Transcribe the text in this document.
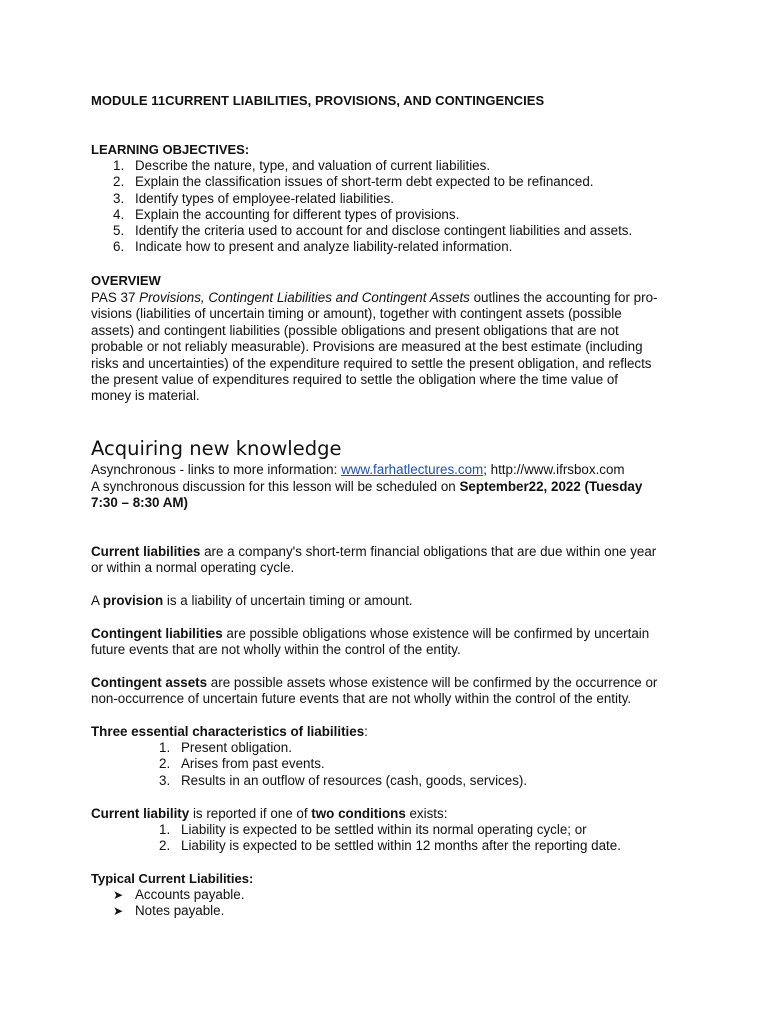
MODULE 11CURRENT LIABILITIES, PROVISIONS, AND CONTINGENCIES
LEARNING OBJECTIVES:
1. Describe the nature, type, and valuation of current liabilities.
2. Explain the classification issues of short-term debt expected to be refinanced.
3. Identify types of employee-related liabilities.
4. Explain the accounting for different types of provisions.
5. Identify the criteria used to account for and disclose contingent liabilities and assets.
6. Indicate how to present and analyze liability-related information.
OVERVIEW
PAS 37 Provisions, Contingent Liabilities and Contingent Assets outlines the accounting for pro-
visions (liabilities of uncertain timing or amount), together with contingent assets (possible
assets) and contingent liabilities (possible obligations and present obligations that are not
probable or not reliably measurable). Provisions are measured at the best estimate (including
risks and uncertainties) of the expenditure required to settle the present obligation, and reflects
the present value of expenditures required to settle the obligation where the time value of
money is material.
Acquiring new knowledge
Asynchronous - links to more information: www.farhatlectures.com; http://www.ifrsbox.com
A synchronous discussion for this lesson will be scheduled on September22, 2022 (Tuesday
7:30 – 8:30 AM)
Current liabilities are a company's short-term financial obligations that are due within one year
or within a normal operating cycle.
A provision is a liability of uncertain timing or amount.
Contingent liabilities are possible obligations whose existence will be confirmed by uncertain
future events that are not wholly within the control of the entity.
Contingent assets are possible assets whose existence will be confirmed by the occurrence or
non-occurrence of uncertain future events that are not wholly within the control of the entity.
Three essential characteristics of liabilities:
1. Present obligation.
2. Arises from past events.
3. Results in an outflow of resources (cash, goods, services).
Current liability is reported if one of two conditions exists:
1. Liability is expected to be settled within its normal operating cycle; or
2. Liability is expected to be settled within 12 months after the reporting date.
Typical Current Liabilities:
➤ Accounts payable.
➤ Notes payable.
